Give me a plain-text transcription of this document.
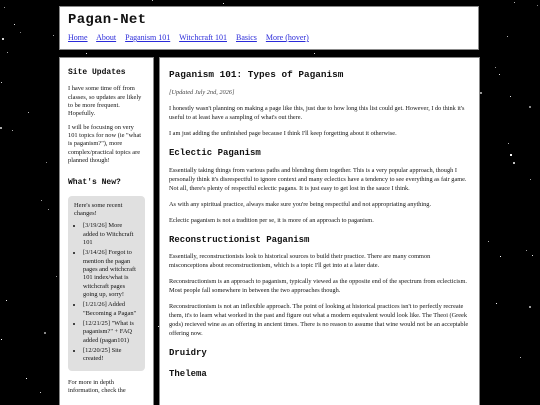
Pagan-Net
Home About Paganism 101 Witchcraft 101 Basics More (hover)
Site Updates

I have some time off from classes, so updates are likely to be more frequent. Hopefully.

I will be focusing on very 101 topics for now (ie "what is paganism?"), more complex/practical topics are planned though!

What's New?
Here's some recent changes!
• [3/19/26] More added to Witchcraft 101
• [3/14/26] Forgot to mention the pagan pages and witchcraft 101 index/what is witchcraft pages going up, sorry!
• [1/21/26] Added "Becoming a Pagan"
• [12/21/25] "What is paganism?" + FAQ added (pagan101)
• [12/20/25] Site created!

For more in depth information, check the

Paganism 101: Types of Paganism

[Updated July 2nd, 2026]

I honestly wasn't planning on making a page like this, just due to how long this list could get. However, I do think it's useful to at least have a sampling of what's out there.

I am just adding the unfinished page because I think I'll keep forgetting about it otherwise.

Eclectic Paganism

Essentially taking things from various paths and blending them together. This is a very popular approach, though I personally think it's disrespectful to ignore context and many eclectics have a tendency to see everything as fair game. Not all, there's plenty of respectful eclectic pagans. It is just easy to get lost in the sauce I think.

As with any spiritual practice, always make sure you're being respectful and not appropriating anything.

Eclectic paganism is not a tradition per se, it is more of an approach to paganism.

Reconstructionist Paganism

Essentially, reconstructionists look to historical sources to build their practice. There are many common misconceptions about reconstructionism, which is a topic I'll get into at a later date.

Reconstructionism is an approach to paganism, typically viewed as the opposite end of the spectrum from eclecticism. Most people fall somewhere in between the two approaches though.

Reconstructionism is not an inflexible approach. The point of looking at historical practices isn't to perfectly recreate them, it's to learn what worked in the past and figure out what a modern equivalent would look like. The Theoi (Greek gods) recieved wine as an offering in ancient times. There is no reason to assume that wine would not be an acceptable offering now.

Druidry
Thelema
